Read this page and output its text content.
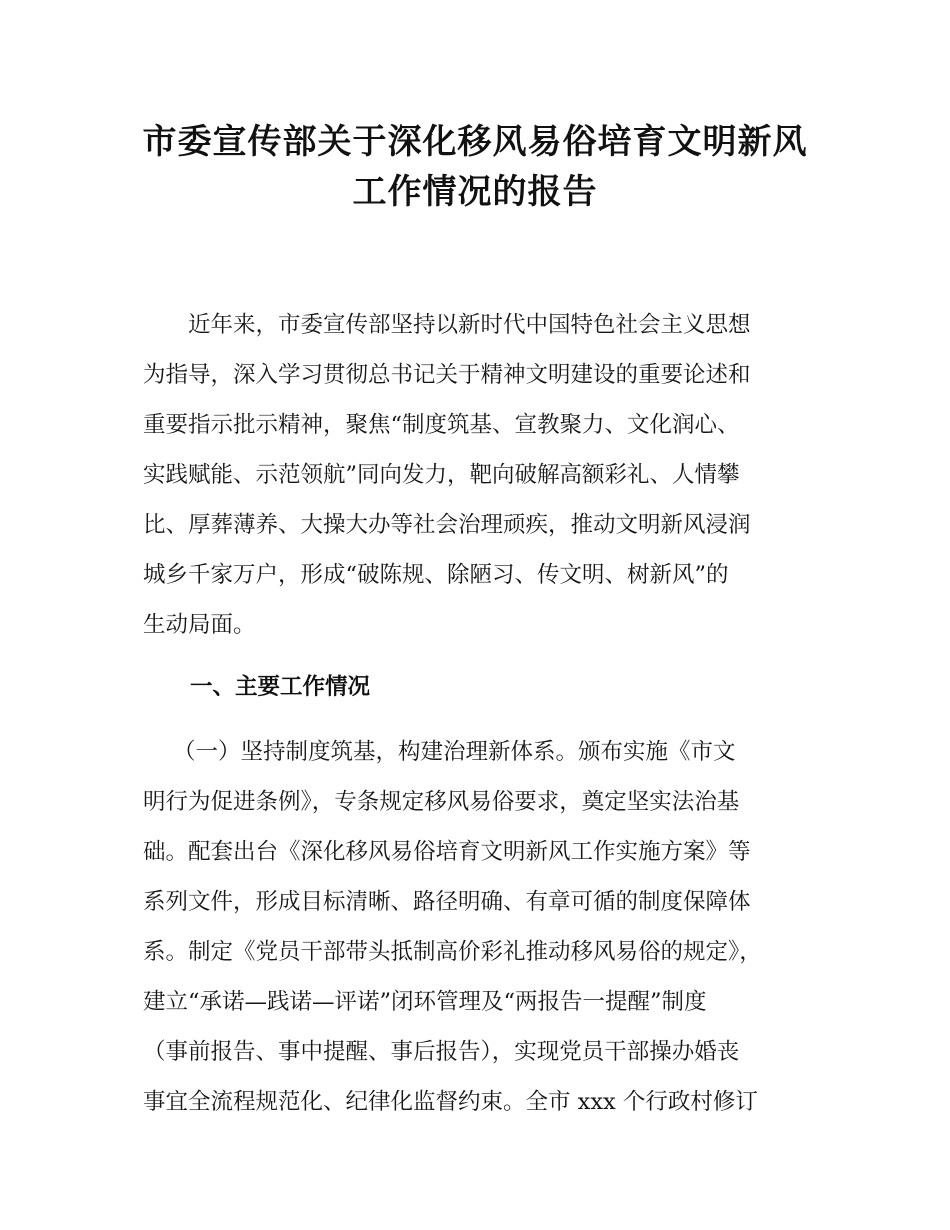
市委宣传部关于深化移风易俗培育文明新风
工作情况的报告
近年来，市委宣传部坚持以新时代中国特色社会主义思想
为指导，深入学习贯彻总书记关于精神文明建设的重要论述和
重要指示批示精神，聚焦“制度筑基、宣教聚力、文化润心、
实践赋能、示范领航”同向发力，靶向破解高额彩礼、人情攀
比、厚葬薄养、大操大办等社会治理顽疾，推动文明新风浸润
城乡千家万户，形成“破陈规、除陋习、传文明、树新风”的
生动局面。
一、主要工作情况
（一）坚持制度筑基，构建治理新体系。颁布实施《市文
明行为促进条例》，专条规定移风易俗要求，奠定坚实法治基
础。配套出台《深化移风易俗培育文明新风工作实施方案》等
系列文件，形成目标清晰、路径明确、有章可循的制度保障体
系。制定《党员干部带头抵制高价彩礼推动移风易俗的规定》，
建立“承诺—践诺—评诺”闭环管理及“两报告一提醒”制度
（事前报告、事中提醒、事后报告），实现党员干部操办婚丧
事宜全流程规范化、纪律化监督约束。全市 xxx 个行政村修订
